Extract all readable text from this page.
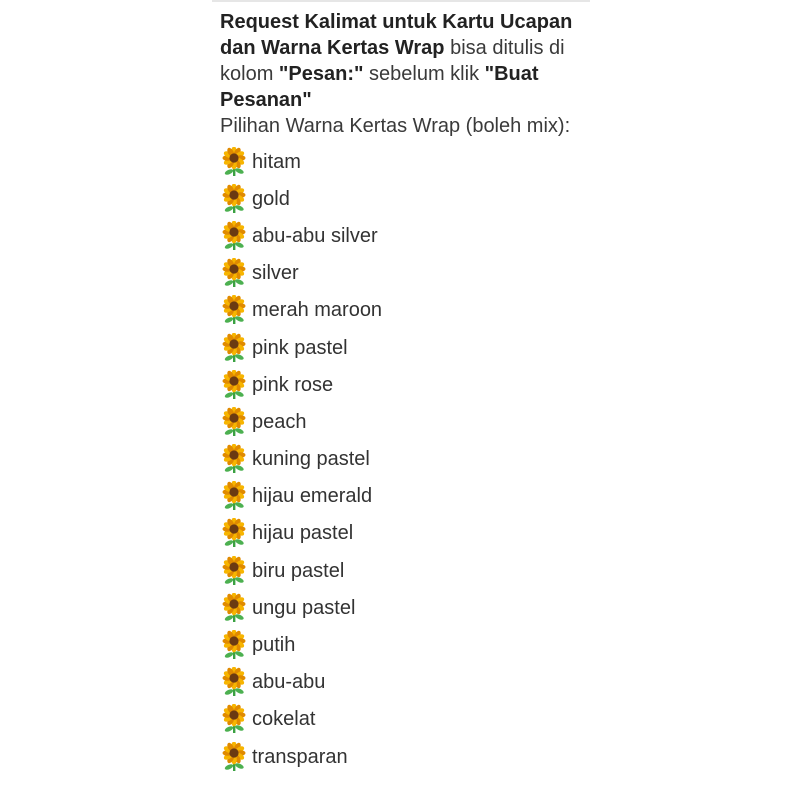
Request Kalimat untuk Kartu Ucapan dan Warna Kertas Wrap bisa ditulis di kolom "Pesan:" sebelum klik "Buat Pesanan"

Pilihan Warna Kertas Wrap (boleh mix):

hitam
gold
abu-abu silver
silver
merah maroon
pink pastel
pink rose
peach
kuning pastel
hijau emerald
hijau pastel
biru pastel
ungu pastel
putih
abu-abu
cokelat
transparan
